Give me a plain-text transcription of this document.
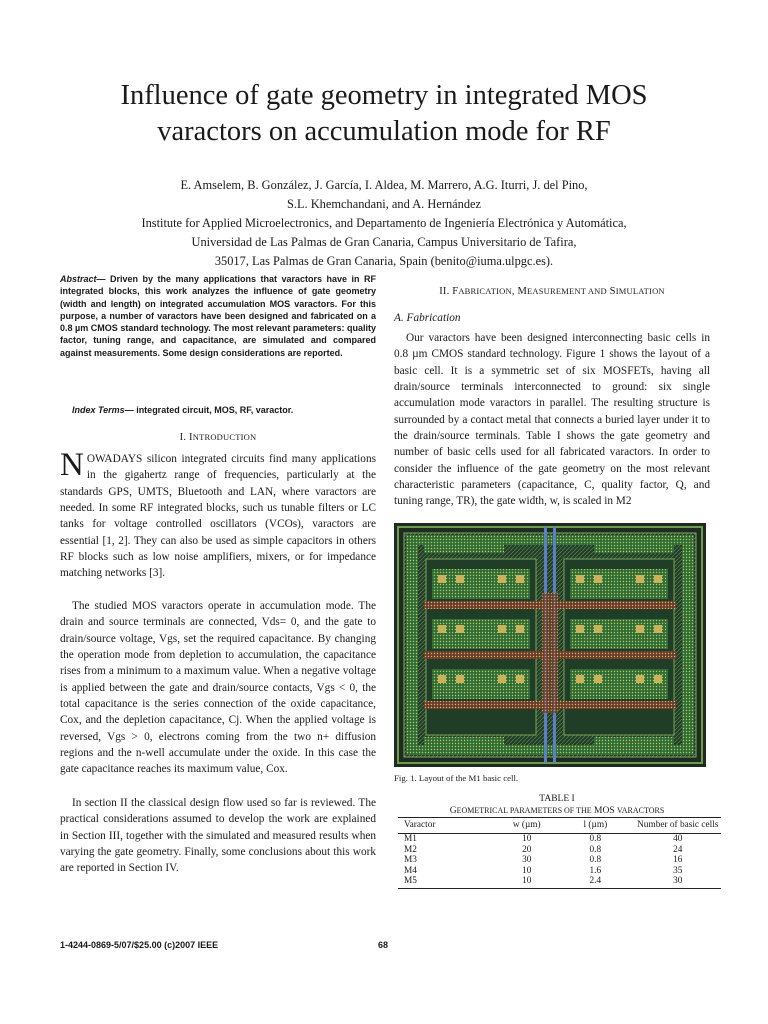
Influence of gate geometry in integrated MOS
varactors on accumulation mode for RF
E. Amselem, B. González, J. García, I. Aldea, M. Marrero, A.G. Iturri, J. del Pino,
S.L. Khemchandani, and A. Hernández
Institute for Applied Microelectronics, and Departamento de Ingeniería Electrónica y Automática,
Universidad de Las Palmas de Gran Canaria, Campus Universitario de Tafira,
35017, Las Palmas de Gran Canaria, Spain (benito@iuma.ulpgc.es).
Abstract— Driven by the many applications that varactors have in RF integrated blocks, this work analyzes the influence of gate geometry (width and length) on integrated accumulation MOS varactors. For this purpose, a number of varactors have been designed and fabricated on a 0.8 µm CMOS standard technology. The most relevant parameters: quality factor, tuning range, and capacitance, are simulated and compared against measurements. Some design considerations are reported.
Index Terms— integrated circuit, MOS, RF, varactor.
I. INTRODUCTION
NOWADAYS silicon integrated circuits find many applications in the gigahertz range of frequencies, particularly at the standards GPS, UMTS, Bluetooth and LAN, where varactors are needed. In some RF integrated blocks, such us tunable filters or LC tanks for voltage controlled oscillators (VCOs), varactors are essential [1, 2]. They can also be used as simple capacitors in others RF blocks such as low noise amplifiers, mixers, or for impedance matching networks [3].
The studied MOS varactors operate in accumulation mode. The drain and source terminals are connected, Vds= 0, and the gate to drain/source voltage, Vgs, set the required capacitance. By changing the operation mode from depletion to accumulation, the capacitance rises from a minimum to a maximum value. When a negative voltage is applied between the gate and drain/source contacts, Vgs < 0, the total capacitance is the series connection of the oxide capacitance, Cox, and the depletion capacitance, Cj. When the applied voltage is reversed, Vgs > 0, electrons coming from the two n+ diffusion regions and the n-well accumulate under the oxide. In this case the gate capacitance reaches its maximum value, Cox.
In section II the classical design flow used so far is reviewed. The practical considerations assumed to develop the work are explained in Section III, together with the simulated and measured results when varying the gate geometry. Finally, some conclusions about this work are reported in Section IV.
II. FABRICATION, MEASUREMENT AND SIMULATION
A. Fabrication
Our varactors have been designed interconnecting basic cells in 0.8 µm CMOS standard technology. Figure 1 shows the layout of a basic cell. It is a symmetric set of six MOSFETs, having all drain/source terminals interconnected to ground: six single accumulation mode varactors in parallel. The resulting structure is surrounded by a contact metal that connects a buried layer under it to the drain/source terminals. Table I shows the gate geometry and number of basic cells used for all fabricated varactors. In order to consider the influence of the gate geometry on the most relevant characteristic parameters (capacitance, C, quality factor, Q, and tuning range, TR), the gate width, w, is scaled in M2
Fig. 1. Layout of the M1 basic cell.
TABLE I
GEOMETRICAL PARAMETERS OF THE MOS VARACTORS
Varactor	w (µm)	l (µm)	Number of basic cells
M1	10	0.8	40
M2	20	0.8	24
M3	30	0.8	16
M4	10	1.6	35
M5	10	2.4	30
1-4244-0869-5/07/$25.00 (c)2007 IEEE	68
